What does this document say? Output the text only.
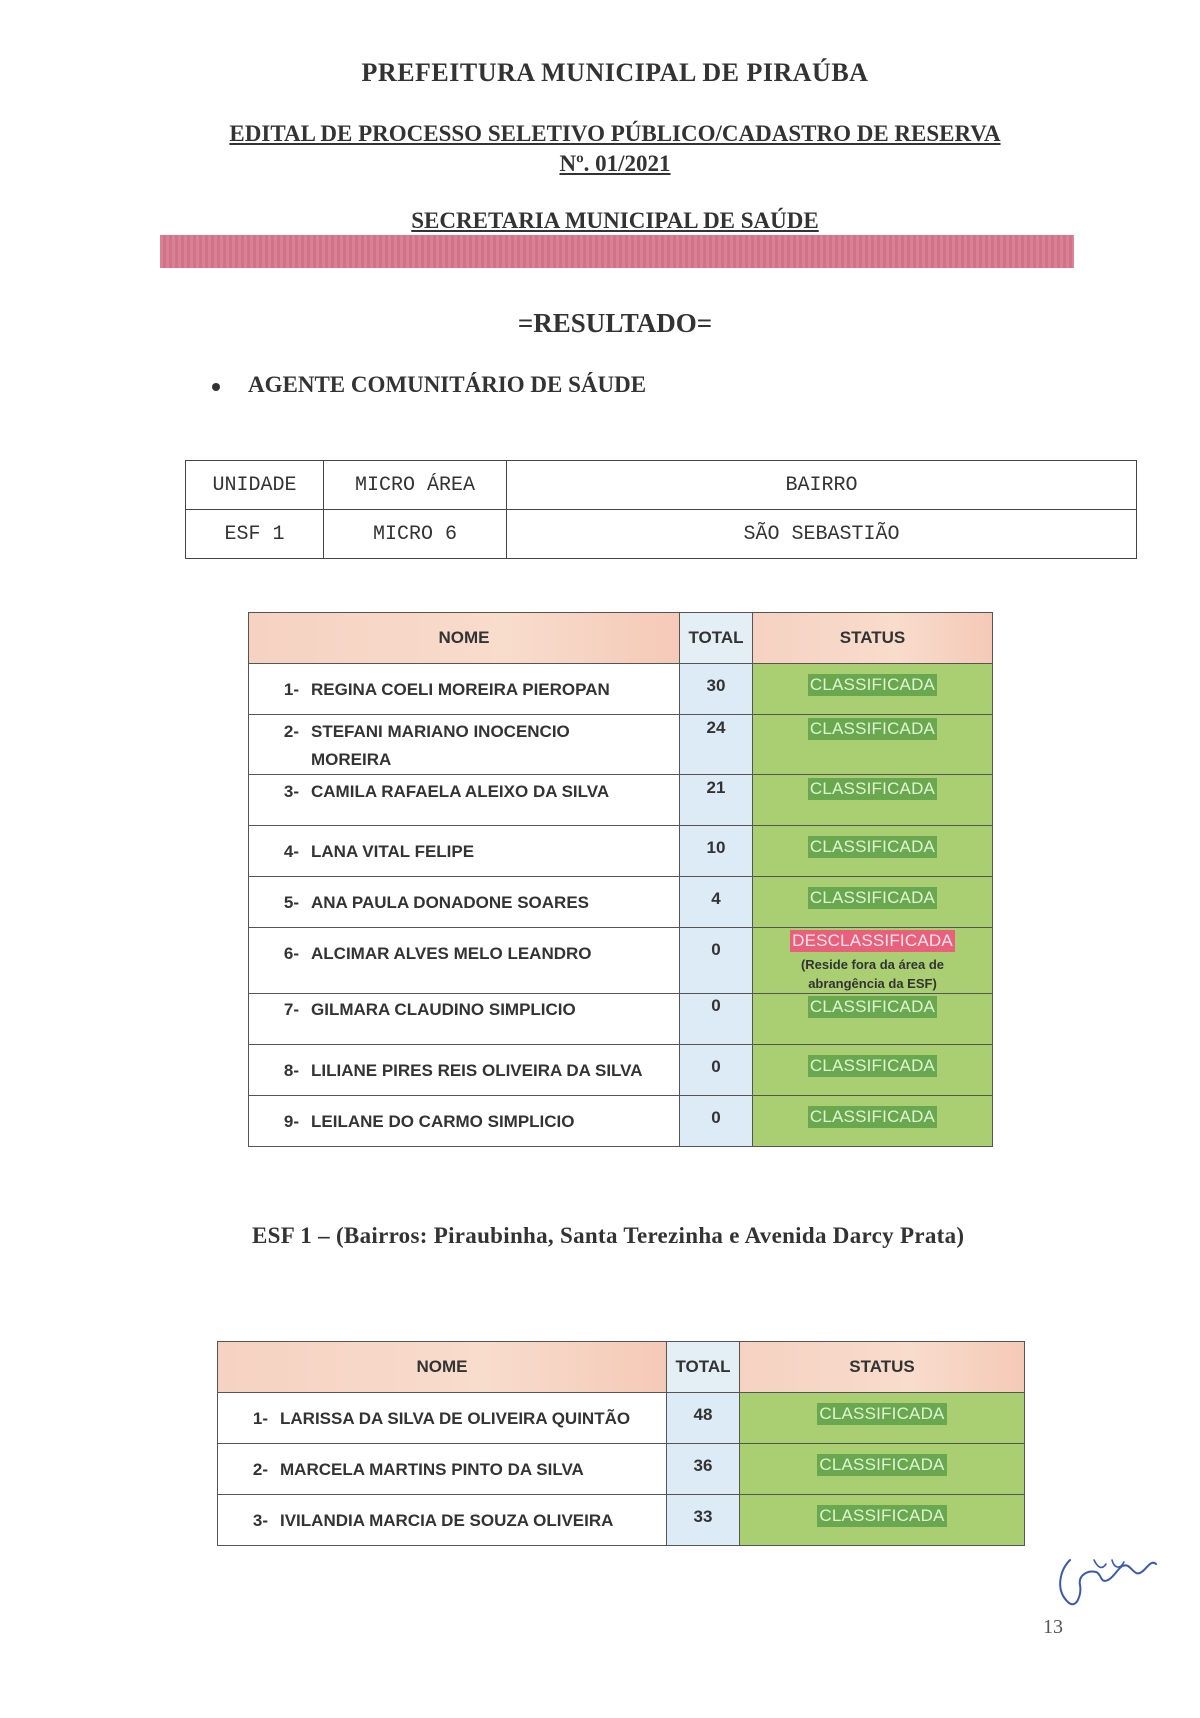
PREFEITURA MUNICIPAL DE PIRAÚBA
EDITAL DE PROCESSO SELETIVO PÚBLICO/CADASTRO DE RESERVA
Nº. 01/2021
SECRETARIA MUNICIPAL DE SAÚDE
=RESULTADO=
AGENTE COMUNITÁRIO DE SÁUDE
UNIDADE	MICRO ÁREA	BAIRRO
ESF 1	MICRO 6	SÃO SEBASTIÃO
NOME	TOTAL	STATUS
1- REGINA COELI MOREIRA PIEROPAN	30	CLASSIFICADA
2- STEFANI MARIANO INOCENCIO MOREIRA	24	CLASSIFICADA
3- CAMILA RAFAELA ALEIXO DA SILVA	21	CLASSIFICADA
4- LANA VITAL FELIPE	10	CLASSIFICADA
5- ANA PAULA DONADONE SOARES	4	CLASSIFICADA
6- ALCIMAR ALVES MELO LEANDRO	0	DESCLASSIFICADA
(Reside fora da área de abrangência da ESF)

7- GILMARA CLAUDINO SIMPLICIO	0	CLASSIFICADA
8- LILIANE PIRES REIS OLIVEIRA DA SILVA	0	CLASSIFICADA
9- LEILANE DO CARMO SIMPLICIO	0	CLASSIFICADA
ESF 1 – (Bairros: Piraubinha, Santa Terezinha e Avenida Darcy Prata)
NOME	TOTAL	STATUS
1- LARISSA DA SILVA DE OLIVEIRA QUINTÃO	48	CLASSIFICADA
2- MARCELA MARTINS PINTO DA SILVA	36	CLASSIFICADA
3- IVILANDIA MARCIA DE SOUZA OLIVEIRA	33	CLASSIFICADA
13
